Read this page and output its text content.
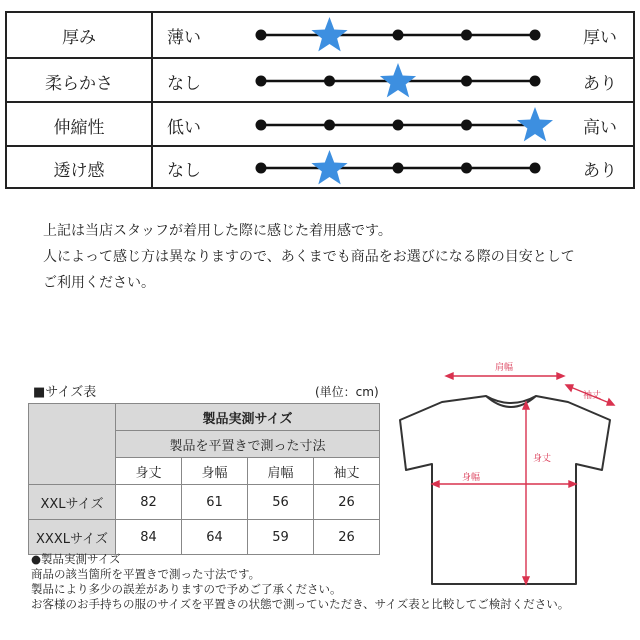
厚み	薄い	厚い
柔らかさ	なし	あり
伸縮性	低い	高い
透け感	なし	あり
上記は当店スタッフが着用した際に感じた着用感です。
人によって感じ方は異なりますので、あくまでも商品をお選びになる際の目安として
ご利用ください。
■サイズ表	(単位：cm)
	製品実測サイズ			
	製品を平置きで測った寸法			
	身丈	身幅	肩幅	袖丈
XXLサイズ	82	61	56	26
XXXLサイズ	84	64	59	26
●製品実測サイズ
商品の該当箇所を平置きで測った寸法です。
製品により多少の誤差がありますので予めご了承ください。
お客様のお手持ちの服のサイズを平置きの状態で測っていただき、サイズ表と比較してご検討ください。
肩幅
袖丈
身丈
身幅
